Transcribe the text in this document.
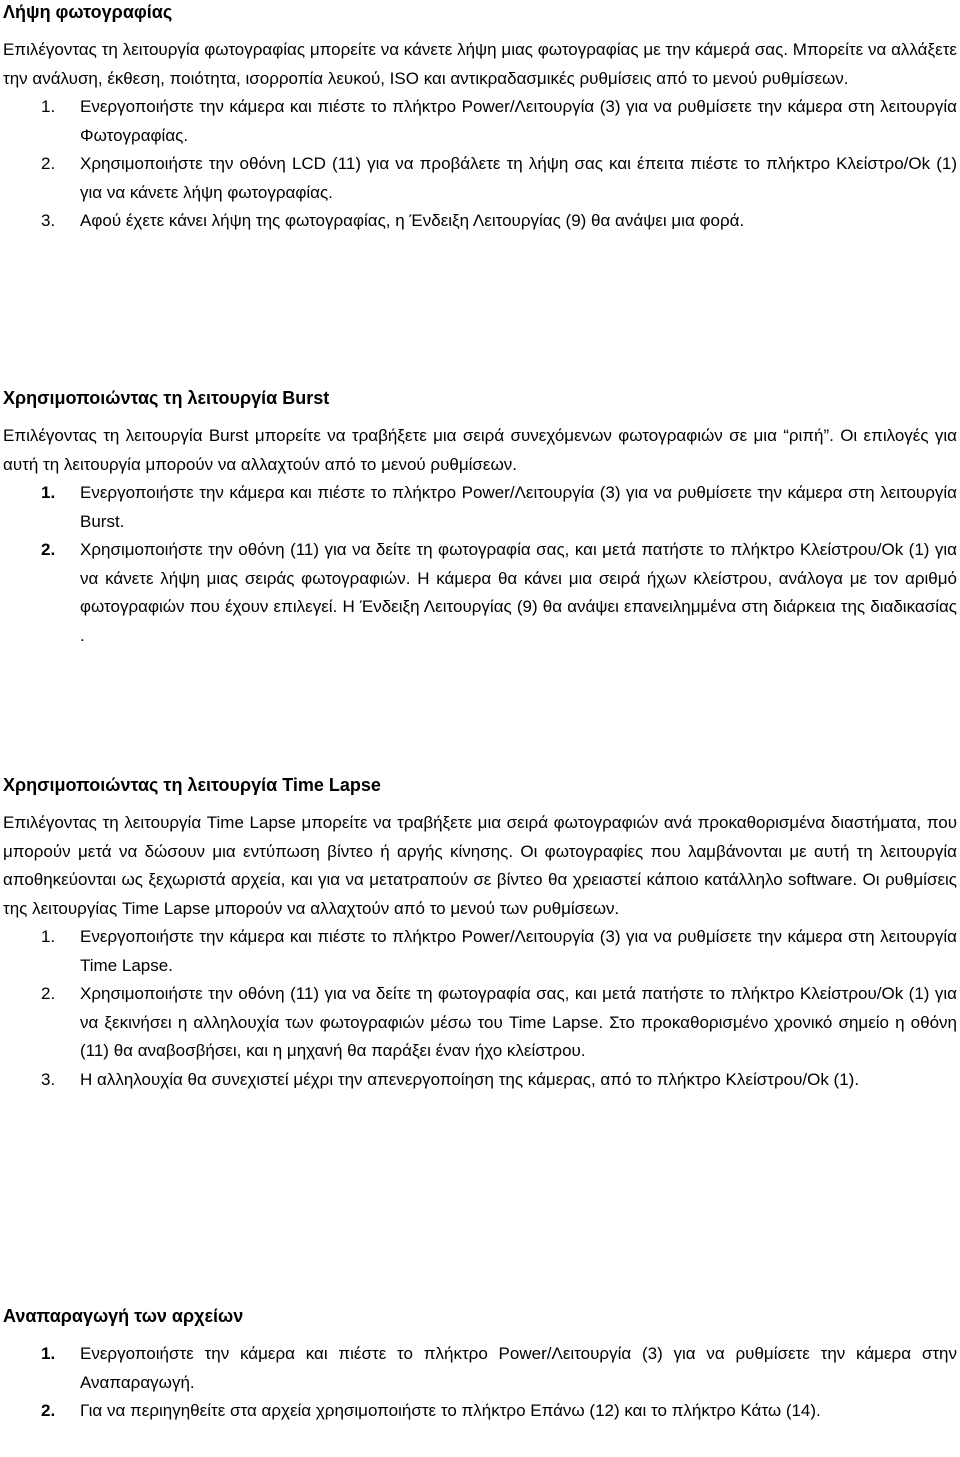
Λήψη φωτογραφίας

Επιλέγοντας τη λειτουργία φωτογραφίας μπορείτε να κάνετε λήψη μιας φωτογραφίας με την κάμερά σας. Μπορείτε να αλλάξετε την ανάλυση, έκθεση, ποιότητα, ισορροπία λευκού, ISO και αντικραδασμικές ρυθμίσεις από το μενού ρυθμίσεων.

1. Ενεργοποιήστε την κάμερα και πιέστε το πλήκτρο Power/Λειτουργία (3) για να ρυθμίσετε την κάμερα στη λειτουργία Φωτογραφίας.
2. Χρησιμοποιήστε την οθόνη LCD (11) για να προβάλετε τη λήψη σας και έπειτα πιέστε το πλήκτρο Κλείστρο/Ok (1) για να κάνετε λήψη φωτογραφίας.
3. Αφού έχετε κάνει λήψη της φωτογραφίας, η Ένδειξη Λειτουργίας (9) θα ανάψει μια φορά.
Χρησιμοποιώντας τη λειτουργία Burst

Επιλέγοντας τη λειτουργία Burst μπορείτε να τραβήξετε μια σειρά συνεχόμενων φωτογραφιών σε μια “ριπή”. Οι επιλογές για αυτή τη λειτουργία μπορούν να αλλαχτούν από το μενού ρυθμίσεων.

1. Ενεργοποιήστε την κάμερα και πιέστε το πλήκτρο Power/Λειτουργία (3) για να ρυθμίσετε την κάμερα στη λειτουργία Burst.
2. Χρησιμοποιήστε την οθόνη (11) για να δείτε τη φωτογραφία σας, και μετά πατήστε το πλήκτρο Κλείστρου/Ok (1) για να κάνετε λήψη μιας σειράς φωτογραφιών. Η κάμερα θα κάνει μια σειρά ήχων κλείστρου, ανάλογα με τον αριθμό φωτογραφιών που έχουν επιλεγεί. Η Ένδειξη Λειτουργίας (9) θα ανάψει επανειλημμένα στη διάρκεια της διαδικασίας .
Χρησιμοποιώντας τη λειτουργία Time Lapse

Επιλέγοντας τη λειτουργία Time Lapse μπορείτε να τραβήξετε μια σειρά φωτογραφιών ανά προκαθορισμένα διαστήματα, που μπορούν μετά να δώσουν μια εντύπωση βίντεο ή αργής κίνησης. Οι φωτογραφίες που λαμβάνονται με αυτή τη λειτουργία αποθηκεύονται ως ξεχωριστά αρχεία, και για να μετατραπούν σε βίντεο θα χρειαστεί κάποιο κατάλληλο software. Οι ρυθμίσεις της λειτουργίας Time Lapse μπορούν να αλλαχτούν από το μενού των ρυθμίσεων.

1. Ενεργοποιήστε την κάμερα και πιέστε το πλήκτρο Power/Λειτουργία (3) για να ρυθμίσετε την κάμερα στη λειτουργία Time Lapse.
2. Χρησιμοποιήστε την οθόνη (11) για να δείτε τη φωτογραφία σας, και μετά πατήστε το πλήκτρο Κλείστρου/Ok (1) για να ξεκινήσει η αλληλουχία των φωτογραφιών μέσω του Time Lapse. Στο προκαθορισμένο χρονικό σημείο η οθόνη (11) θα αναβοσβήσει, και η μηχανή θα παράξει έναν ήχο κλείστρου.
3. Η αλληλουχία θα συνεχιστεί μέχρι την απενεργοποίηση της κάμερας, από το πλήκτρο Κλείστρου/Ok (1).
Αναπαραγωγή των αρχείων
1. Ενεργοποιήστε την κάμερα και πιέστε το πλήκτρο Power/Λειτουργία (3) για να ρυθμίσετε την κάμερα στην Αναπαραγωγή.
2. Για να περιηγηθείτε στα αρχεία χρησιμοποιήστε το πλήκτρο Επάνω (12) και το πλήκτρο Κάτω (14).
